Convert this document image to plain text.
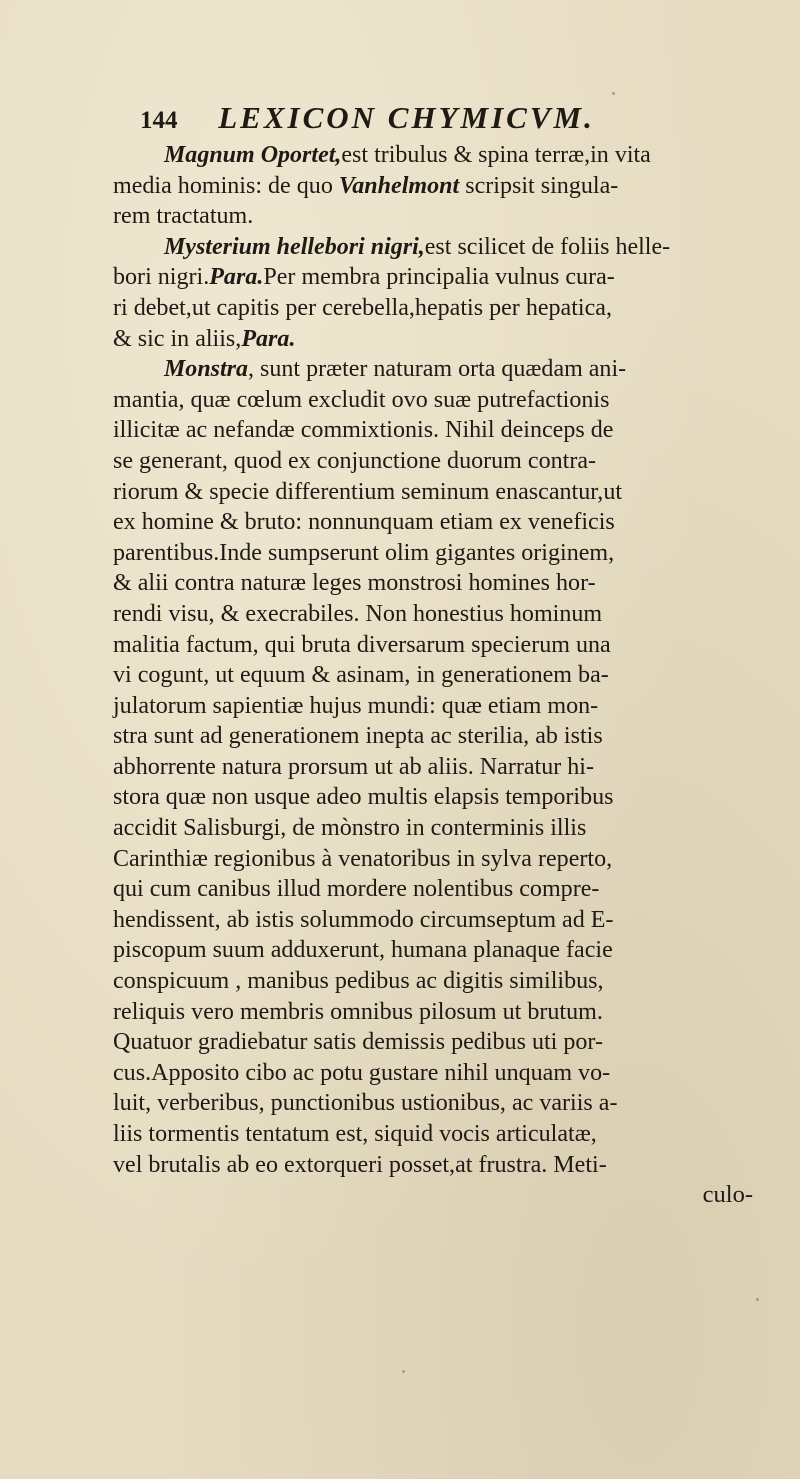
144 LEXICON CHYMICVM.
Magnum Oportet,est tribulus & spina terræ,in vita
media hominis: de quo Vanhelmont scripsit singula-
rem tractatum.
Mysterium hellebori nigri,est scilicet de foliis helle-
bori nigri.Para.Per membra principalia vulnus cura-
ri debet,ut capitis per cerebella,hepatis per hepatica,
& sic in aliis,Para.
Monstra, sunt præter naturam orta quædam ani-
mantia, quæ cœlum excludit ovo suæ putrefactionis
illicitæ ac nefandæ commixtionis. Nihil deinceps de
se generant, quod ex conjunctione duorum contra-
riorum & specie differentium seminum enascantur,ut
ex homine & bruto: nonnunquam etiam ex veneficis
parentibus.Inde sumpserunt olim gigantes originem,
& alii contra naturæ leges monstrosi homines hor-
rendi visu, & execrabiles. Non honestius hominum
malitia factum, qui bruta diversarum specierum una
vi cogunt, ut equum & asinam, in generationem ba-
julatorum sapientiæ hujus mundi: quæ etiam mon-
stra sunt ad generationem inepta ac sterilia, ab istis
abhorrente natura prorsum ut ab aliis. Narratur hi-
stora quæ non usque adeo multis elapsis temporibus
accidit Salisburgi, de mònstro in conterminis illis
Carinthiæ regionibus à venatoribus in sylva reperto,
qui cum canibus illud mordere nolentibus compre-
hendissent, ab istis solummodo circumseptum ad E-
piscopum suum adduxerunt, humana planaque facie
conspicuum , manibus pedibus ac digitis similibus,
reliquis vero membris omnibus pilosum ut brutum.
Quatuor gradiebatur satis demissis pedibus uti por-
cus.Apposito cibo ac potu gustare nihil unquam vo-
luit, verberibus, punctionibus ustionibus, ac variis a-
liis tormentis tentatum est, siquid vocis articulatæ,
vel brutalis ab eo extorqueri posset,at frustra. Meti-
culo-
